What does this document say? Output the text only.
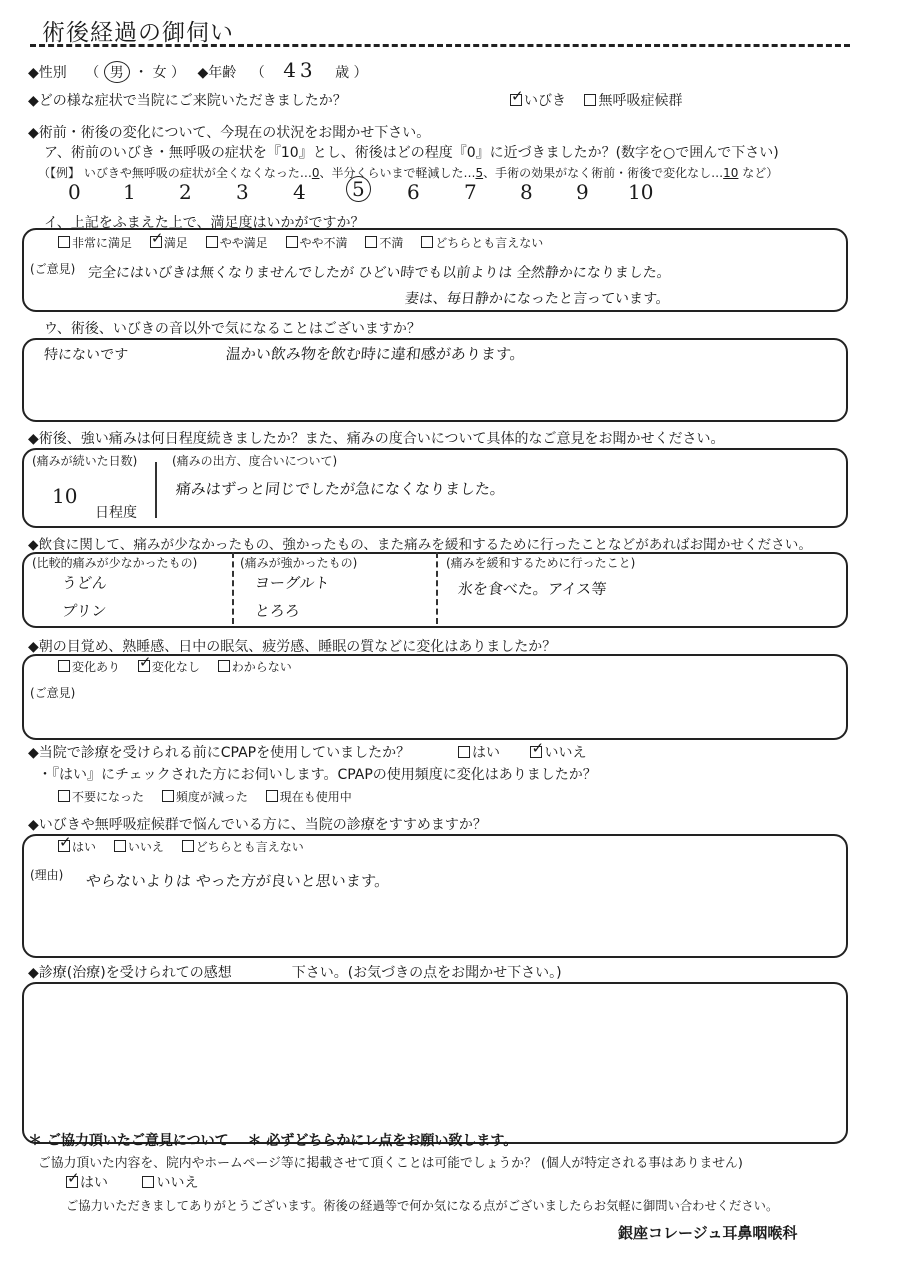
術後経過の御伺い
◆性別 （ 男 ・ 女 ） ◆年齢 （ 43 歳 ）
◆どの様な症状で当院にご来院いただきましたか？ ✓	いびき 無呼吸症候群
◆術前・術後の変化について、今現在の状況をお聞かせ下さい。
ア、術前のいびき・無呼吸の症状を『10』とし、術後はどの程度『0』に近づきましたか？(数字を○で囲んで下さい)
（【例】 いびきや無呼吸の症状が全くなくなった…0、半分くらいまで軽減した…5、手術の効果がなく術前・術後で変化なし…10 など）
0 1 2 3 4	5	6 7 8 9 10
イ、上記をふまえた上で、満足度はいかがですか？
非常に満足 ✓	満足	やや満足	やや不満	不満	どちらとも言えない
(ご意見) 完全にはいびきは無くなりませんでしたが ひどい時でも以前よりは 全然静かになりました。
妻は、毎日静かになったと言っています。
ウ、術後、いびきの音以外で気になることはございますか？
特にないです	温かい飲み物を飲む時に違和感があります。
◆術後、強い痛みは何日程度続きましたか？また、痛みの度合いについて具体的なご意見をお聞かせください。
(痛みが続いた日数)
10
日程度
(痛みの出方、度合いについて)
痛みはずっと同じでしたが急になくなりました。
◆飲食に関して、痛みが少なかったもの、強かったもの、また痛みを緩和するために行ったことなどがあればお聞かせください。
(比較的痛みが少なかったもの)
うどん
プリン
(痛みが強かったもの)
ヨーグルト
とろろ
(痛みを緩和するために行ったこと)
氷を食べた。アイス等
◆朝の目覚め、熟睡感、日中の眠気、疲労感、睡眠の質などに変化はありましたか？
変化あり ✓	変化なし	わからない
(ご意見)
◆当院で診療を受けられる前にCPAPを使用していましたか？	はい ✓	いいえ
・『はい』にチェックされた方にお伺いします。CPAPの使用頻度に変化はありましたか？
不要になった	頻度が減った	現在も使用中
◆いびきや無呼吸症候群で悩んでいる方に、当院の診療をすすめますか？
✓はい	いいえ	どちらとも言えない
(理由) やらないよりは やった方が良いと思います。
◆診療(治療)を受けられての感想	下さい。(お気づきの点をお聞かせ下さい。)
＊ ご協力頂いたご意見について ＊ 必ずどちらかにレ点をお願い致します。
ご協力頂いた内容を、院内やホームページ等に掲載させて頂くことは可能でしょうか？ (個人が特定される事はありません)
✓はい	いいえ
ご協力いただきましてありがとうございます。術後の経過等で何か気になる点がございましたらお気軽に御問い合わせください。
銀座コレージュ耳鼻咽喉科
